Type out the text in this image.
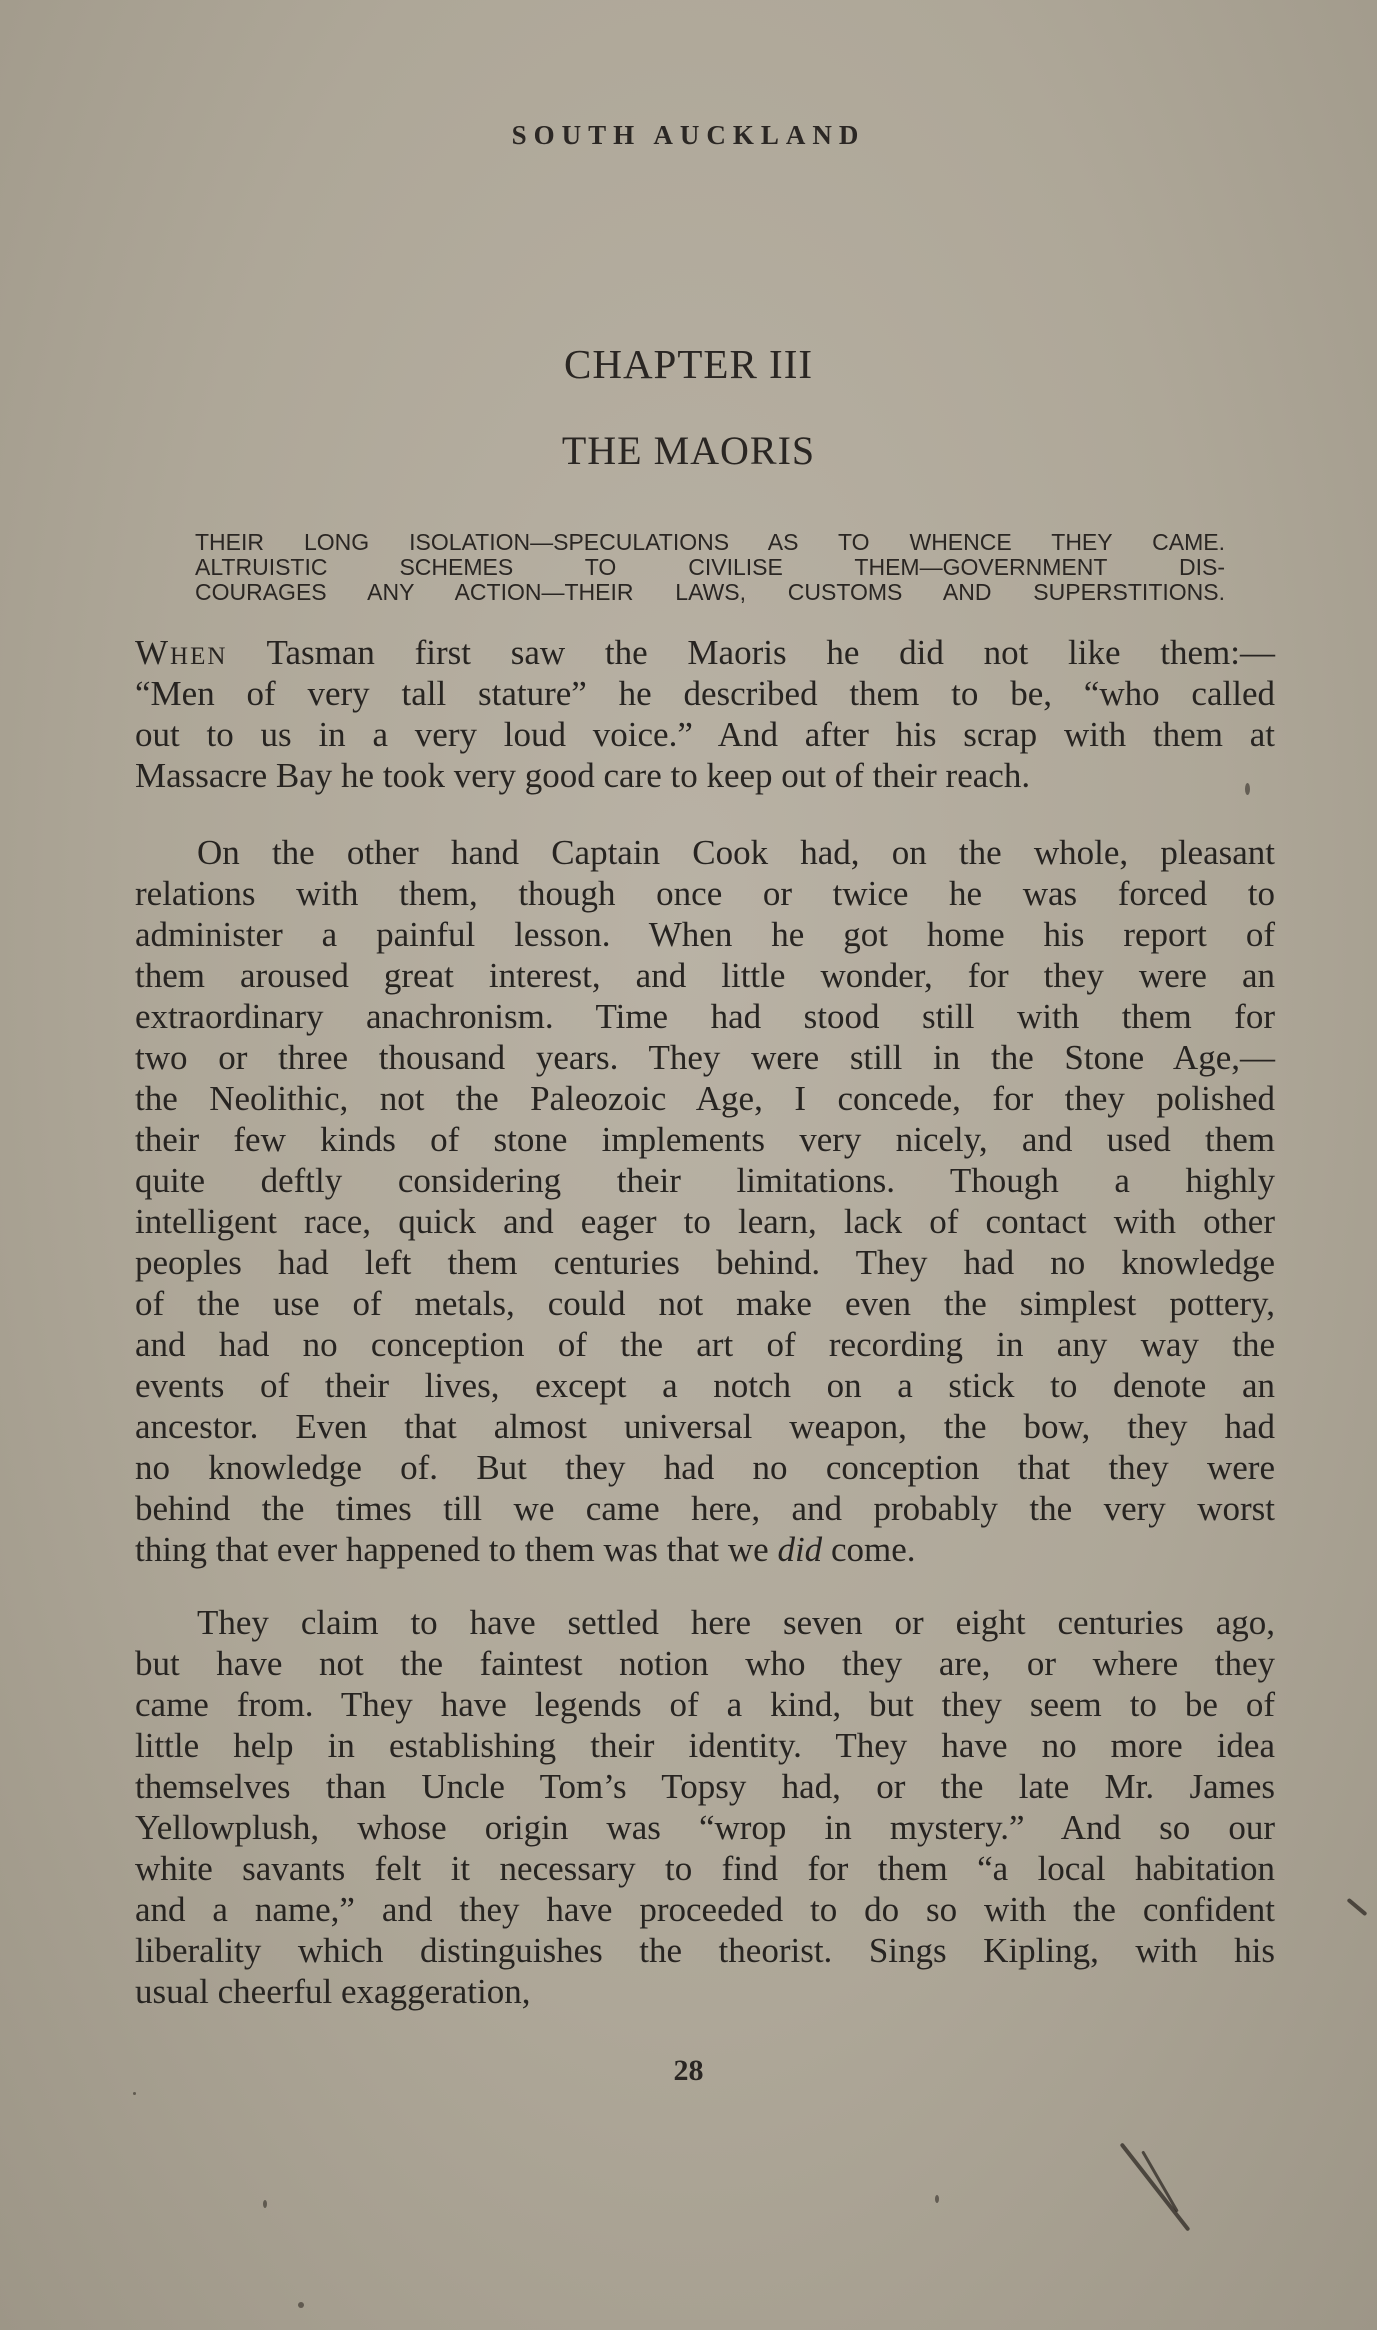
SOUTH AUCKLAND
CHAPTER III
THE MAORIS
THEIR LONG ISOLATION—SPECULATIONS AS TO WHENCE THEY CAME.
ALTRUISTIC SCHEMES TO CIVILISE THEM—GOVERNMENT DIS-
COURAGES ANY ACTION—THEIR LAWS, CUSTOMS AND SUPERSTITIONS.
When Tasman first saw the Maoris he did not like them:—
“Men of very tall stature” he described them to be, “who called
out to us in a very loud voice.” And after his scrap with them at
Massacre Bay he took very good care to keep out of their reach.
On the other hand Captain Cook had, on the whole, pleasant
relations with them, though once or twice he was forced to
administer a painful lesson. When he got home his report of
them aroused great interest, and little wonder, for they were an
extraordinary anachronism. Time had stood still with them for
two or three thousand years. They were still in the Stone Age,—
the Neolithic, not the Paleozoic Age, I concede, for they polished
their few kinds of stone implements very nicely, and used them
quite deftly considering their limitations. Though a highly
intelligent race, quick and eager to learn, lack of contact with other
peoples had left them centuries behind. They had no knowledge
of the use of metals, could not make even the simplest pottery,
and had no conception of the art of recording in any way the
events of their lives, except a notch on a stick to denote an
ancestor. Even that almost universal weapon, the bow, they had
no knowledge of. But they had no conception that they were
behind the times till we came here, and probably the very worst
thing that ever happened to them was that we did come.
They claim to have settled here seven or eight centuries ago,
but have not the faintest notion who they are, or where they
came from. They have legends of a kind, but they seem to be of
little help in establishing their identity. They have no more idea
themselves than Uncle Tom’s Topsy had, or the late Mr. James
Yellowplush, whose origin was “wrop in mystery.” And so our
white savants felt it necessary to find for them “a local habitation
and a name,” and they have proceeded to do so with the confident
liberality which distinguishes the theorist. Sings Kipling, with his
usual cheerful exaggeration,
28
